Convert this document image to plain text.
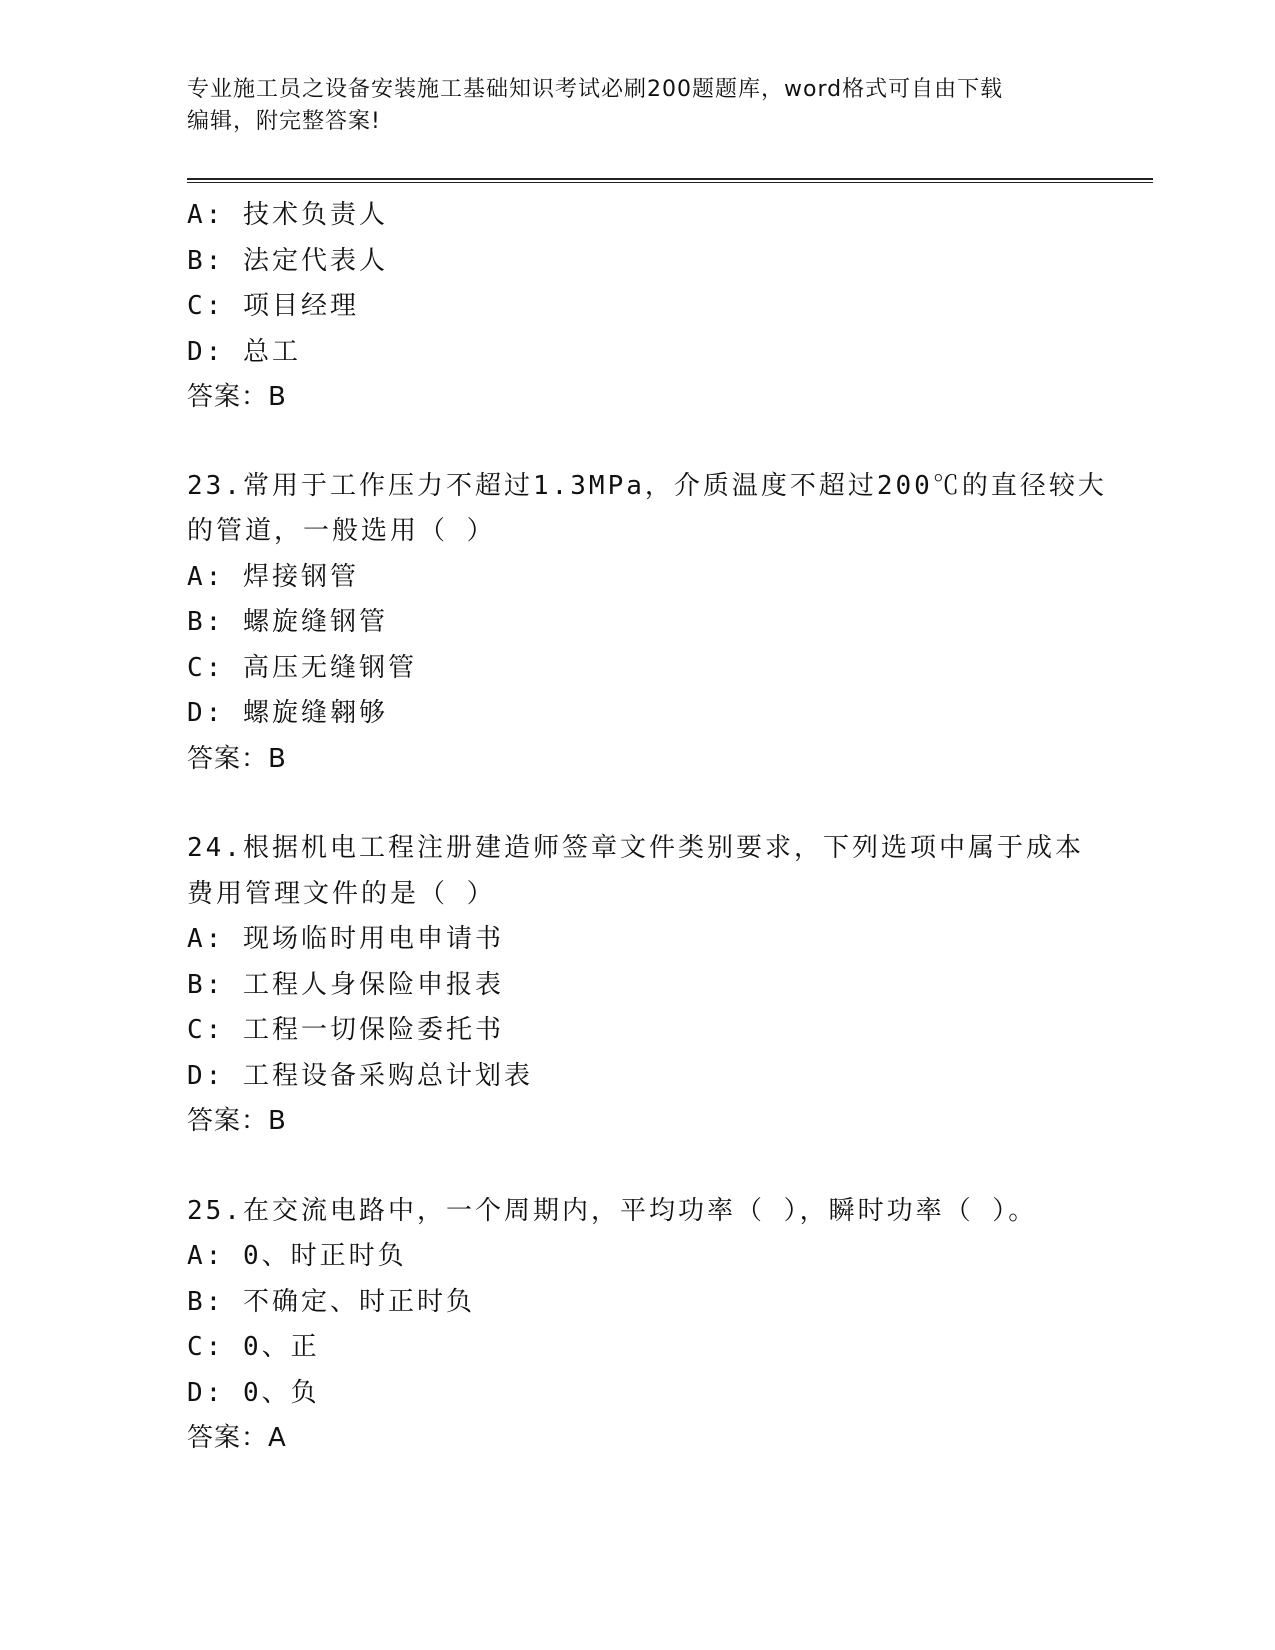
专业施工员之设备安装施工基础知识考试必刷200题题库，word格式可自由下载
编辑，附完整答案!
A: 技术负责人
B: 法定代表人
C: 项目经理
D: 总工
答案：B
23.常用于工作压力不超过1.3MPa，介质温度不超过200℃的直径较大
的管道，一般选用（ ）
A: 焊接钢管
B: 螺旋缝钢管
C: 高压无缝钢管
D: 螺旋缝翱够
答案：B
24.根据机电工程注册建造师签章文件类别要求，下列选项中属于成本
费用管理文件的是（ ）
A: 现场临时用电申请书
B: 工程人身保险申报表
C: 工程一切保险委托书
D: 工程设备采购总计划表
答案：B
25.在交流电路中，一个周期内，平均功率（ ），瞬时功率（ ）。
A: 0、时正时负
B: 不确定、时正时负
C: 0、正
D: 0、负
答案：A
